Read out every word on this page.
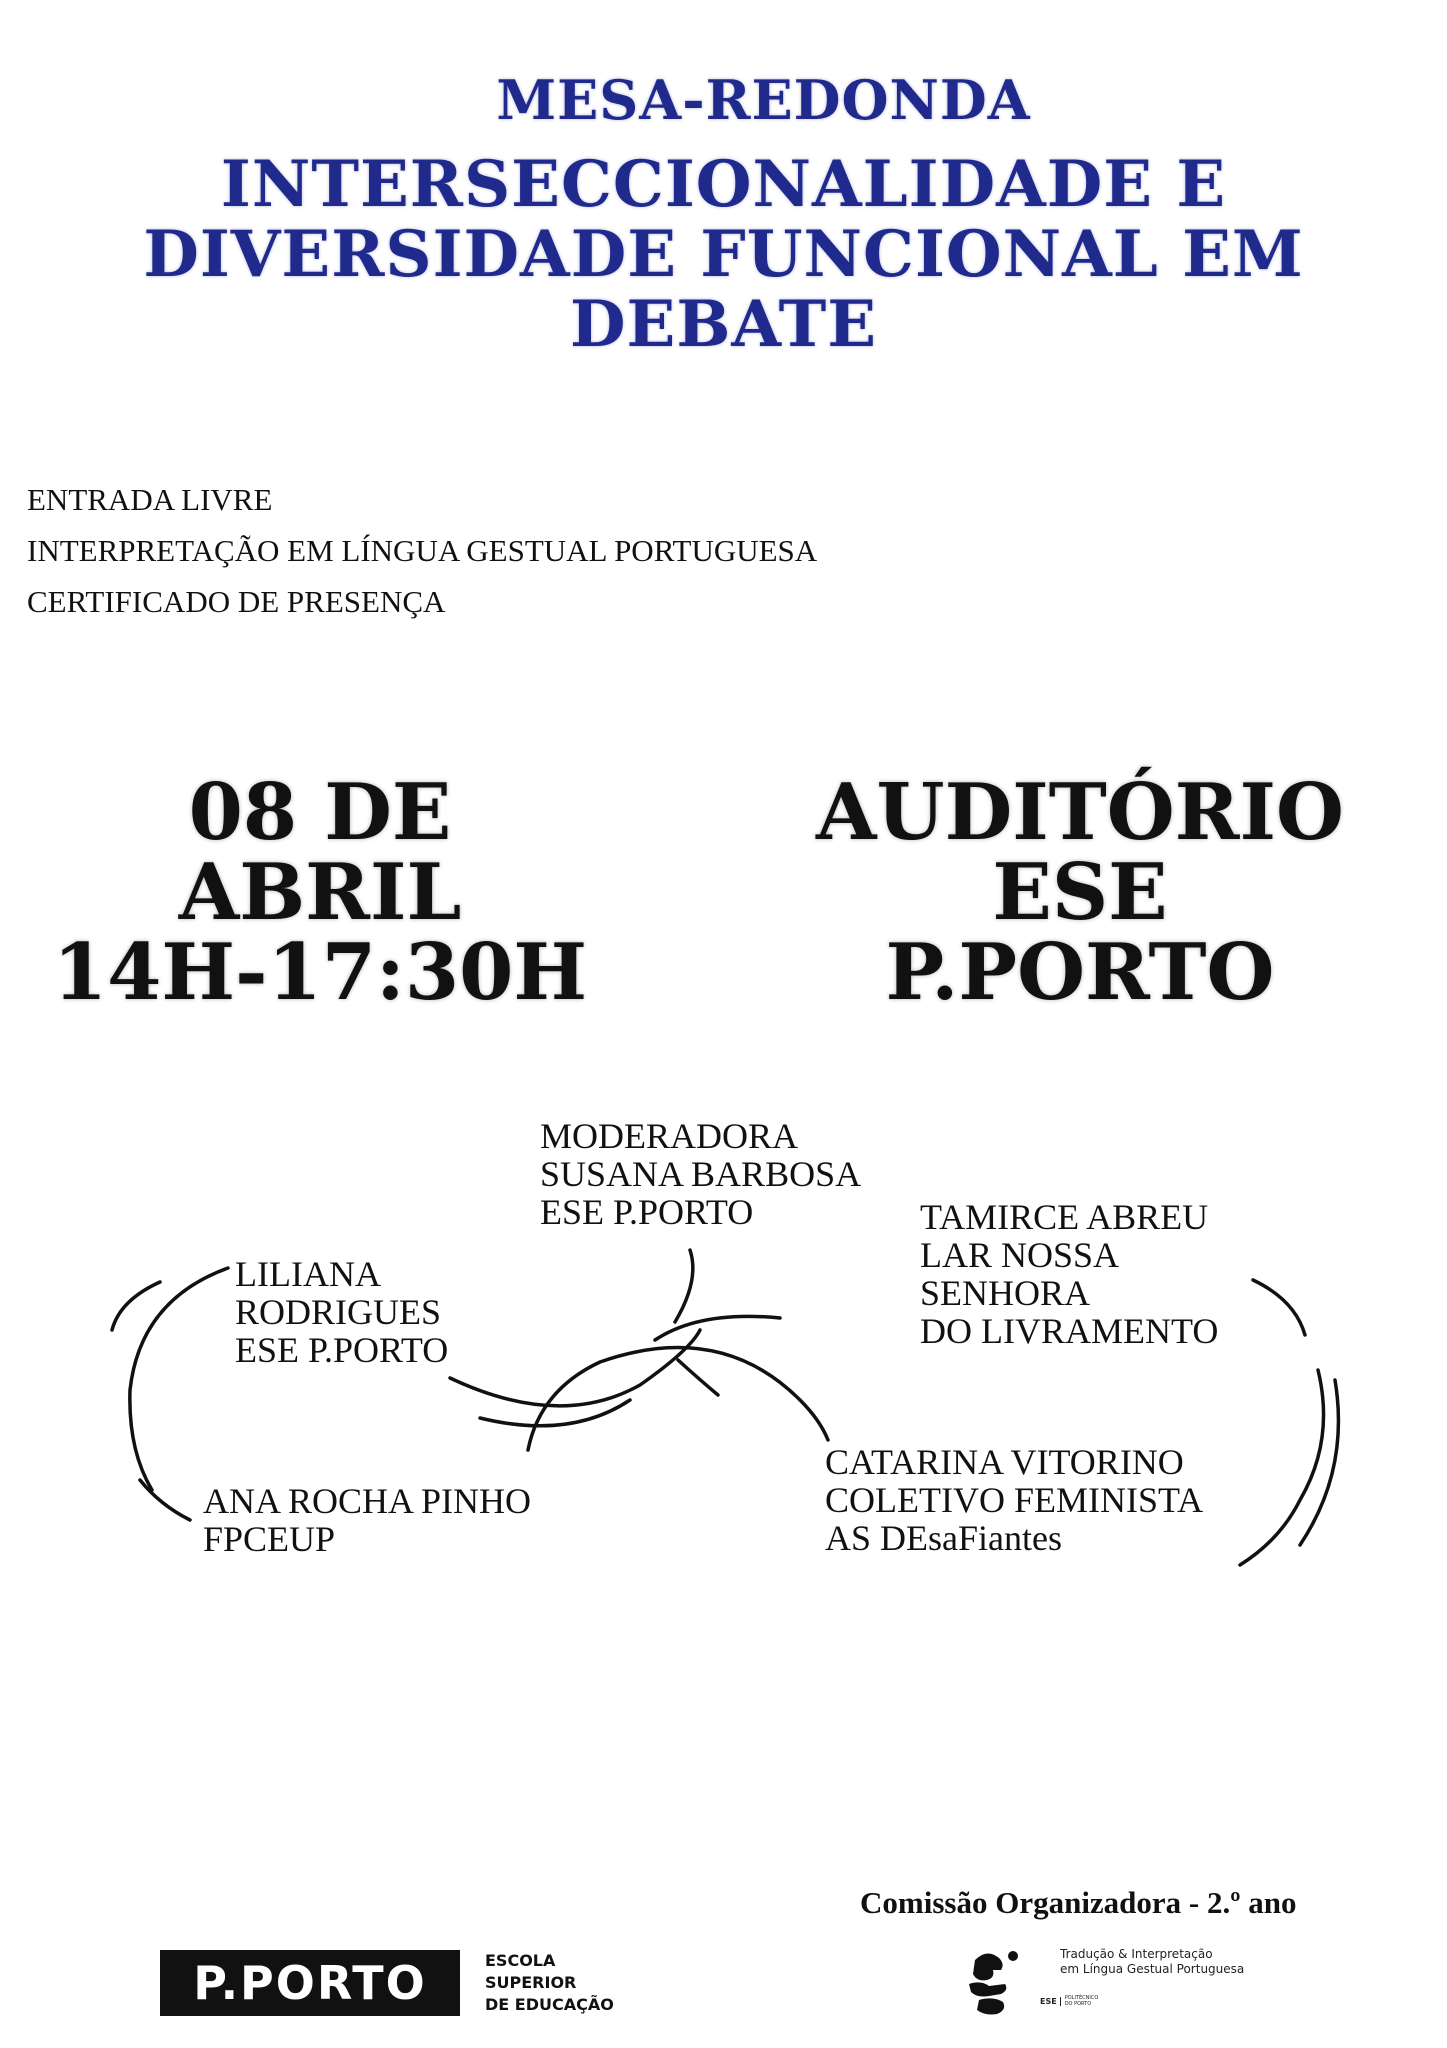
MESA-REDONDA
INTERSECCIONALIDADE E
DIVERSIDADE FUNCIONAL EM
DEBATE
ENTRADA LIVRE
INTERPRETAÇÃO EM LÍNGUA GESTUAL PORTUGUESA
CERTIFICADO DE PRESENÇA
08 DE ABRIL
14H-17:30H
AUDITÓRIO
ESE P.PORTO
MODERADORA
SUSANA BARBOSA
ESE P.PORTO	TAMIRCE ABREU
LAR NOSSA
SENHORA
DO LIVRAMENTO
LILIANA
RODRIGUES
ESE P.PORTO
CATARINA VITORINO
COLETIVO FEMINISTA
AS DEsaFiantes
ANA ROCHA PINHO
FPCEUP
Comissão Organizadora - 2.º ano
P.PORTO	ESCOLA
SUPERIOR
DE EDUCAÇÃO
Tradução & Interpretação
em Língua Gestual Portuguesa
ESE	POLITÉCNICO DO PORTO
